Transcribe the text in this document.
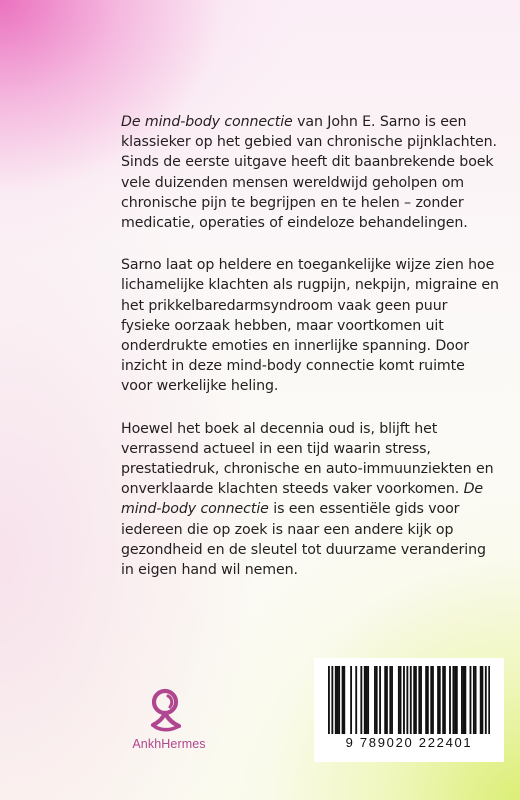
De mind-body connectie van John E. Sarno is een klassieker op het gebied van chronische pijnklachten. Sinds de eerste uitgave heeft dit baanbrekende boek vele duizenden mensen wereldwijd geholpen om chronische pijn te begrijpen en te helen – zonder medicatie, operaties of eindeloze behandelingen.

Sarno laat op heldere en toegankelijke wijze zien hoe lichamelijke klachten als rugpijn, nekpijn, migraine en het prikkelbaredarmsyndroom vaak geen puur fysieke oorzaak hebben, maar voortkomen uit onderdrukte emoties en innerlijke spanning. Door inzicht in deze mind-body connectie komt ruimte voor werkelijke heling.

Hoewel het boek al decennia oud is, blijft het verrassend actueel in een tijd waarin stress, prestatiedruk, chronische en auto-immuunziekten en onverklaarde klachten steeds vaker voorkomen. De mind-body connectie is een essentiële gids voor iedereen die op zoek is naar een andere kijk op gezondheid en de sleutel tot duurzame verandering in eigen hand wil nemen.

AnkhHermes	9 789020 222401
